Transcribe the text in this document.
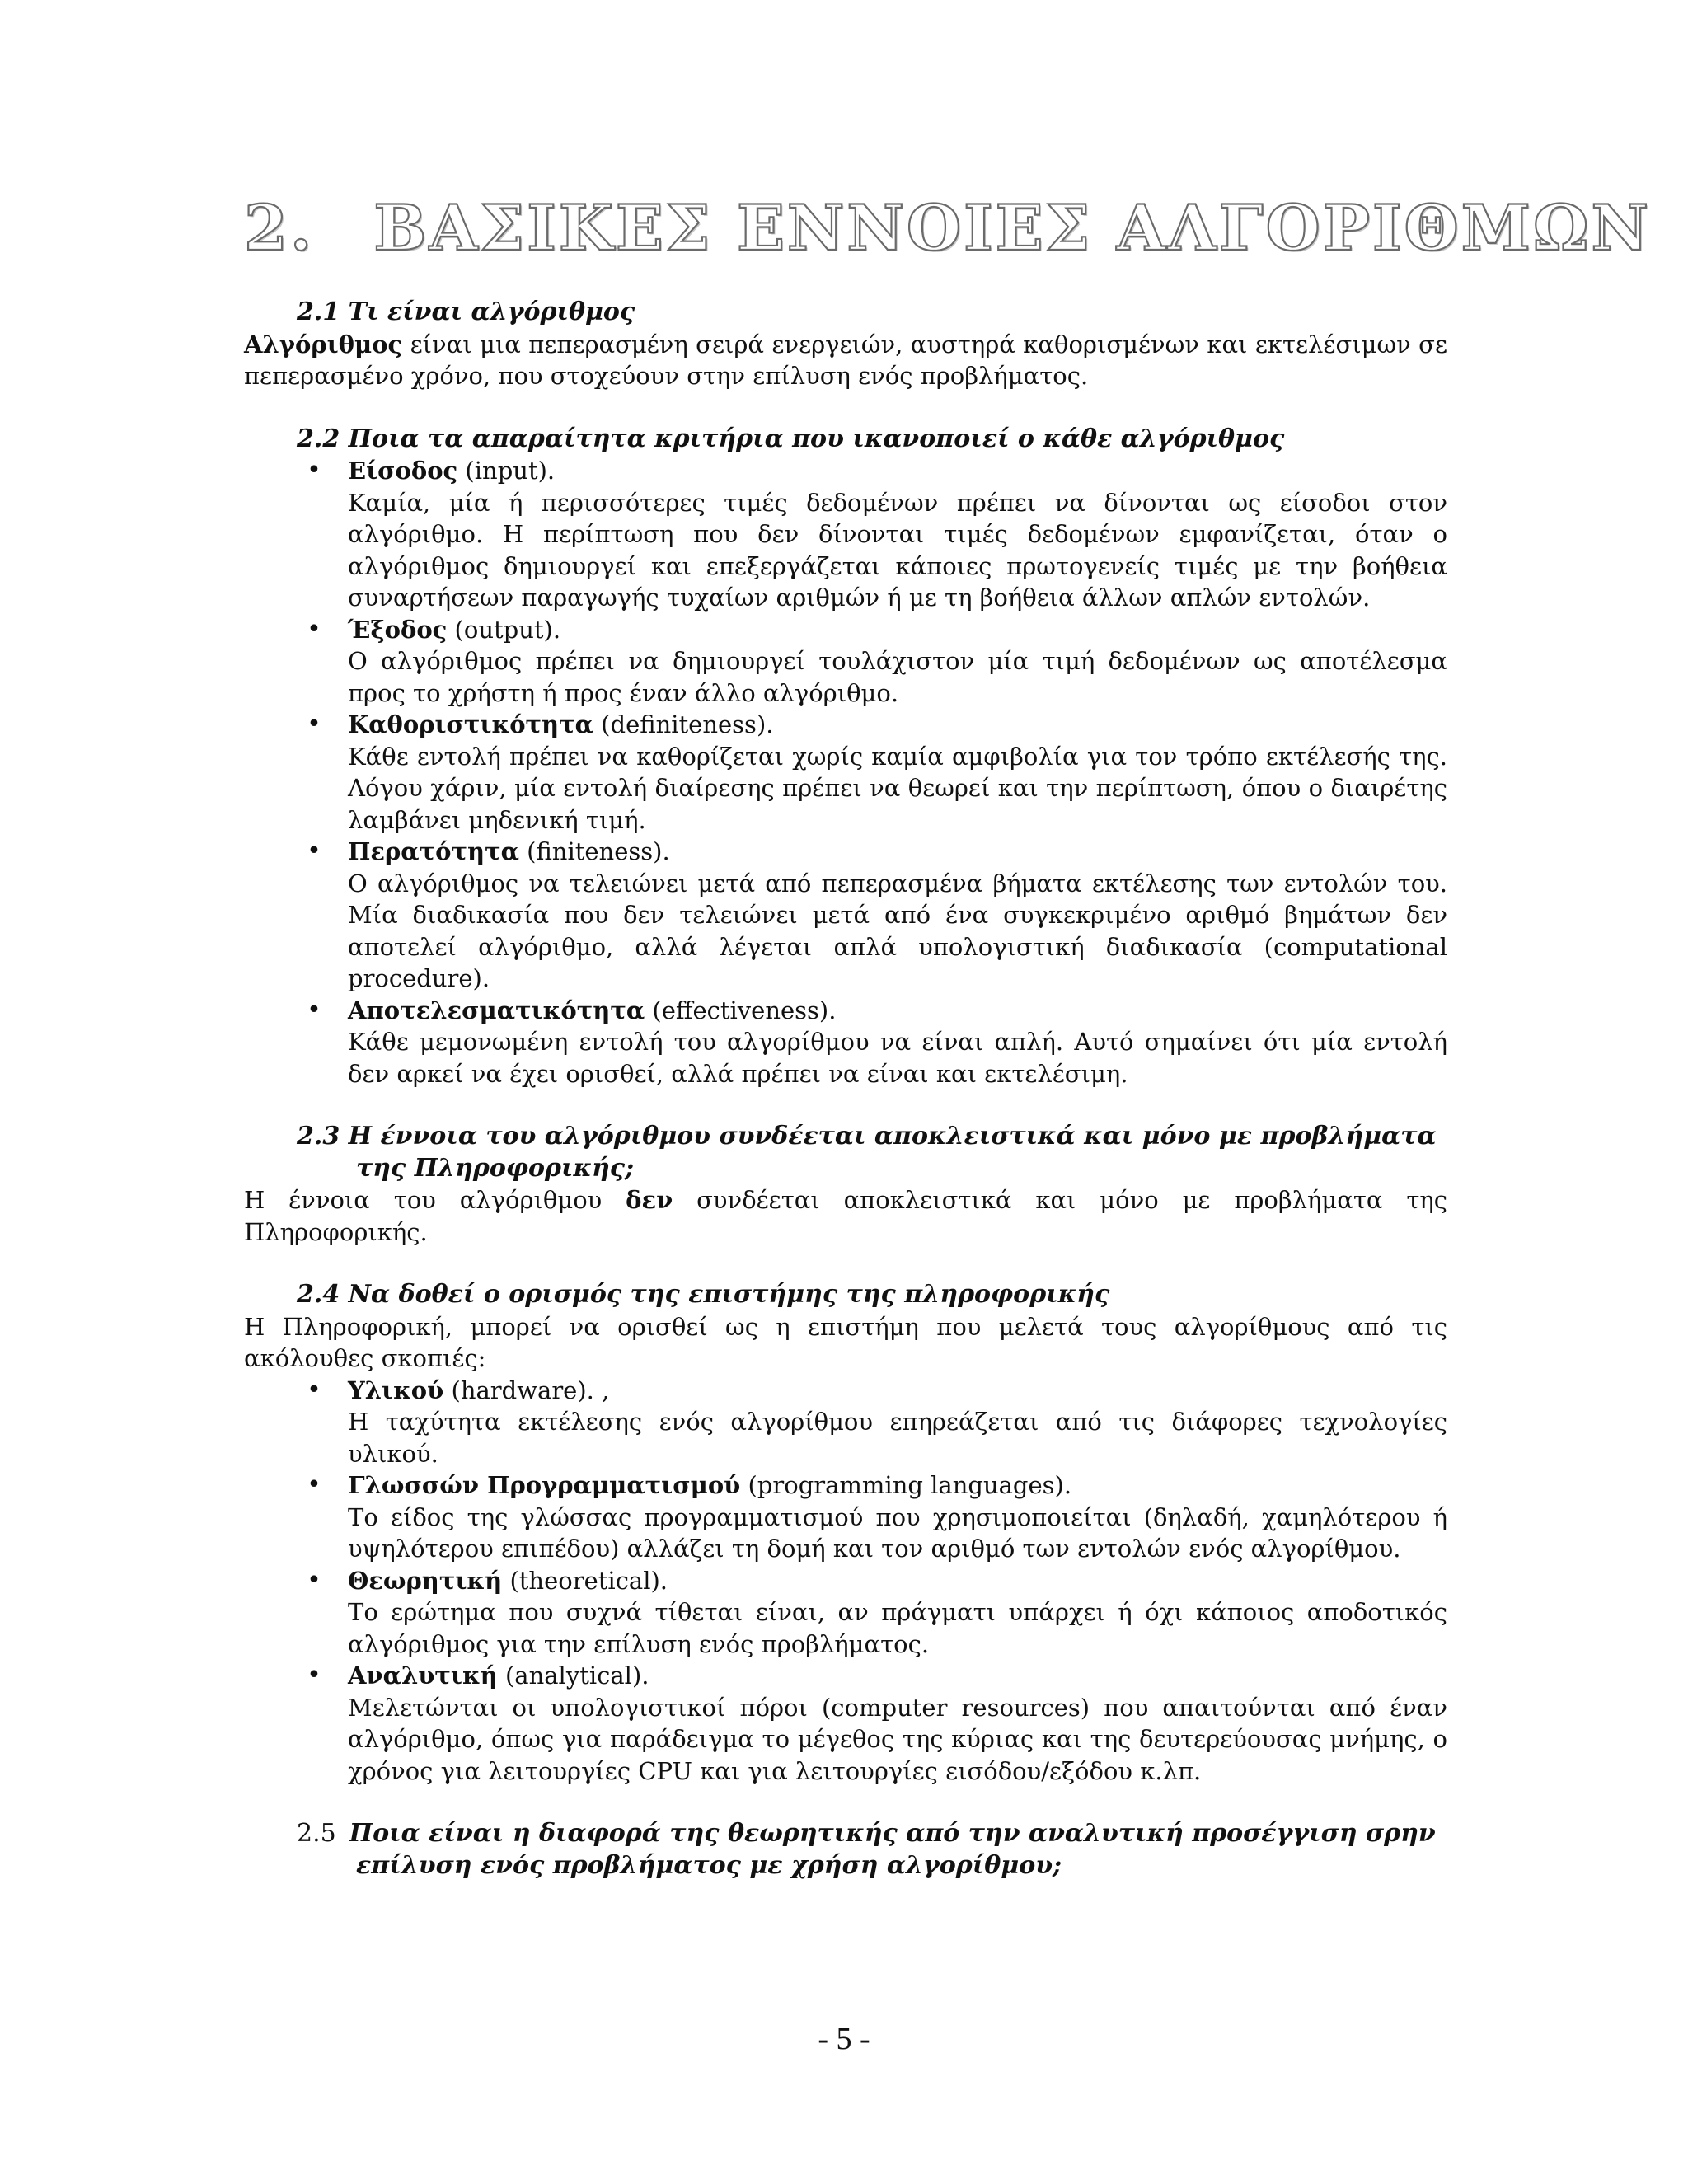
2. ΒΑΣΙΚΕΣ ΕΝΝΟΙΕΣ ΑΛΓΟΡΙΘΜΩΝ
2.1 Τι είναι αλγόριθμος

Αλγόριθμος είναι μια πεπερασμένη σειρά ενεργειών, αυστηρά καθορισμένων και εκτελέσιμων σε πεπερασμένο χρόνο, που στοχεύουν στην επίλυση ενός προβλήματος.

2.2 Ποια τα απαραίτητα κριτήρια που ικανοποιεί ο κάθε αλγόριθμος
• Είσοδος (input).
Καμία, μία ή περισσότερες τιμές δεδομένων πρέπει να δίνονται ως είσοδοι στον αλγόριθμο. Η περίπτωση που δεν δίνονται τιμές δεδομένων εμφανίζεται, όταν ο αλγόριθμος δημιουργεί και επεξεργάζεται κάποιες πρωτογενείς τιμές με την βοήθεια συναρτήσεων παραγωγής τυχαίων αριθμών ή με τη βοήθεια άλλων απλών εντολών.
• Έξοδος (output).
Ο αλγόριθμος πρέπει να δημιουργεί τουλάχιστον μία τιμή δεδομένων ως αποτέλεσμα προς το χρήστη ή προς έναν άλλο αλγόριθμο.
• Καθοριστικότητα (definiteness).
Κάθε εντολή πρέπει να καθορίζεται χωρίς καμία αμφιβολία για τον τρόπο εκτέλεσής της. Λόγου χάριν, μία εντολή διαίρεσης πρέπει να θεωρεί και την περίπτωση, όπου ο διαιρέτης λαμβάνει μηδενική τιμή.
• Περατότητα (finiteness).
Ο αλγόριθμος να τελειώνει μετά από πεπερασμένα βήματα εκτέλεσης των εντολών του. Μία διαδικασία που δεν τελειώνει μετά από ένα συγκεκριμένο αριθμό βημάτων δεν αποτελεί αλγόριθμο, αλλά λέγεται απλά υπολογιστική διαδικασία (computational procedure).
• Αποτελεσματικότητα (effectiveness).
Κάθε μεμονωμένη εντολή του αλγορίθμου να είναι απλή. Αυτό σημαίνει ότι μία εντολή δεν αρκεί να έχει ορισθεί, αλλά πρέπει να είναι και εκτελέσιμη.
2.3 Η έννοια του αλγόριθμου συνδέεται αποκλειστικά και μόνο με προβλήματα
της Πληροφορικής;

Η έννοια του αλγόριθμου δεν συνδέεται αποκλειστικά και μόνο με προβλήματα της Πληροφορικής.

2.4 Να δοθεί ο ορισμός της επιστήμης της πληροφορικής

Η Πληροφορική, μπορεί να ορισθεί ως η επιστήμη που μελετά τους αλγορίθμους από τις ακόλουθες σκοπιές:

• Υλικού (hardware). ,
Η ταχύτητα εκτέλεσης ενός αλγορίθμου επηρεάζεται από τις διάφορες τεχνολογίες υλικού.
• Γλωσσών Προγραμματισμού (programming languages).
Το είδος της γλώσσας προγραμματισμού που χρησιμοποιείται (δηλαδή, χαμηλότερου ή υψηλότερου επιπέδου) αλλάζει τη δομή και τον αριθμό των εντολών ενός αλγορίθμου.
• Θεωρητική (theoretical).
Το ερώτημα που συχνά τίθεται είναι, αν πράγματι υπάρχει ή όχι κάποιος αποδοτικός αλγόριθμος για την επίλυση ενός προβλήματος.
• Αναλυτική (analytical).
Μελετώνται οι υπολογιστικοί πόροι (computer resources) που απαιτούνται από έναν αλγόριθμο, όπως για παράδειγμα το μέγεθος της κύριας και της δευτερεύουσας μνήμης, ο χρόνος για λειτουργίες CPU και για λειτουργίες εισόδου/εξόδου κ.λπ.
2.5 Ποια είναι η διαφορά της θεωρητικής από την αναλυτική προσέγγιση σρην
επίλυση ενός προβλήματος με χρήση αλγορίθμου;
- 5 -
